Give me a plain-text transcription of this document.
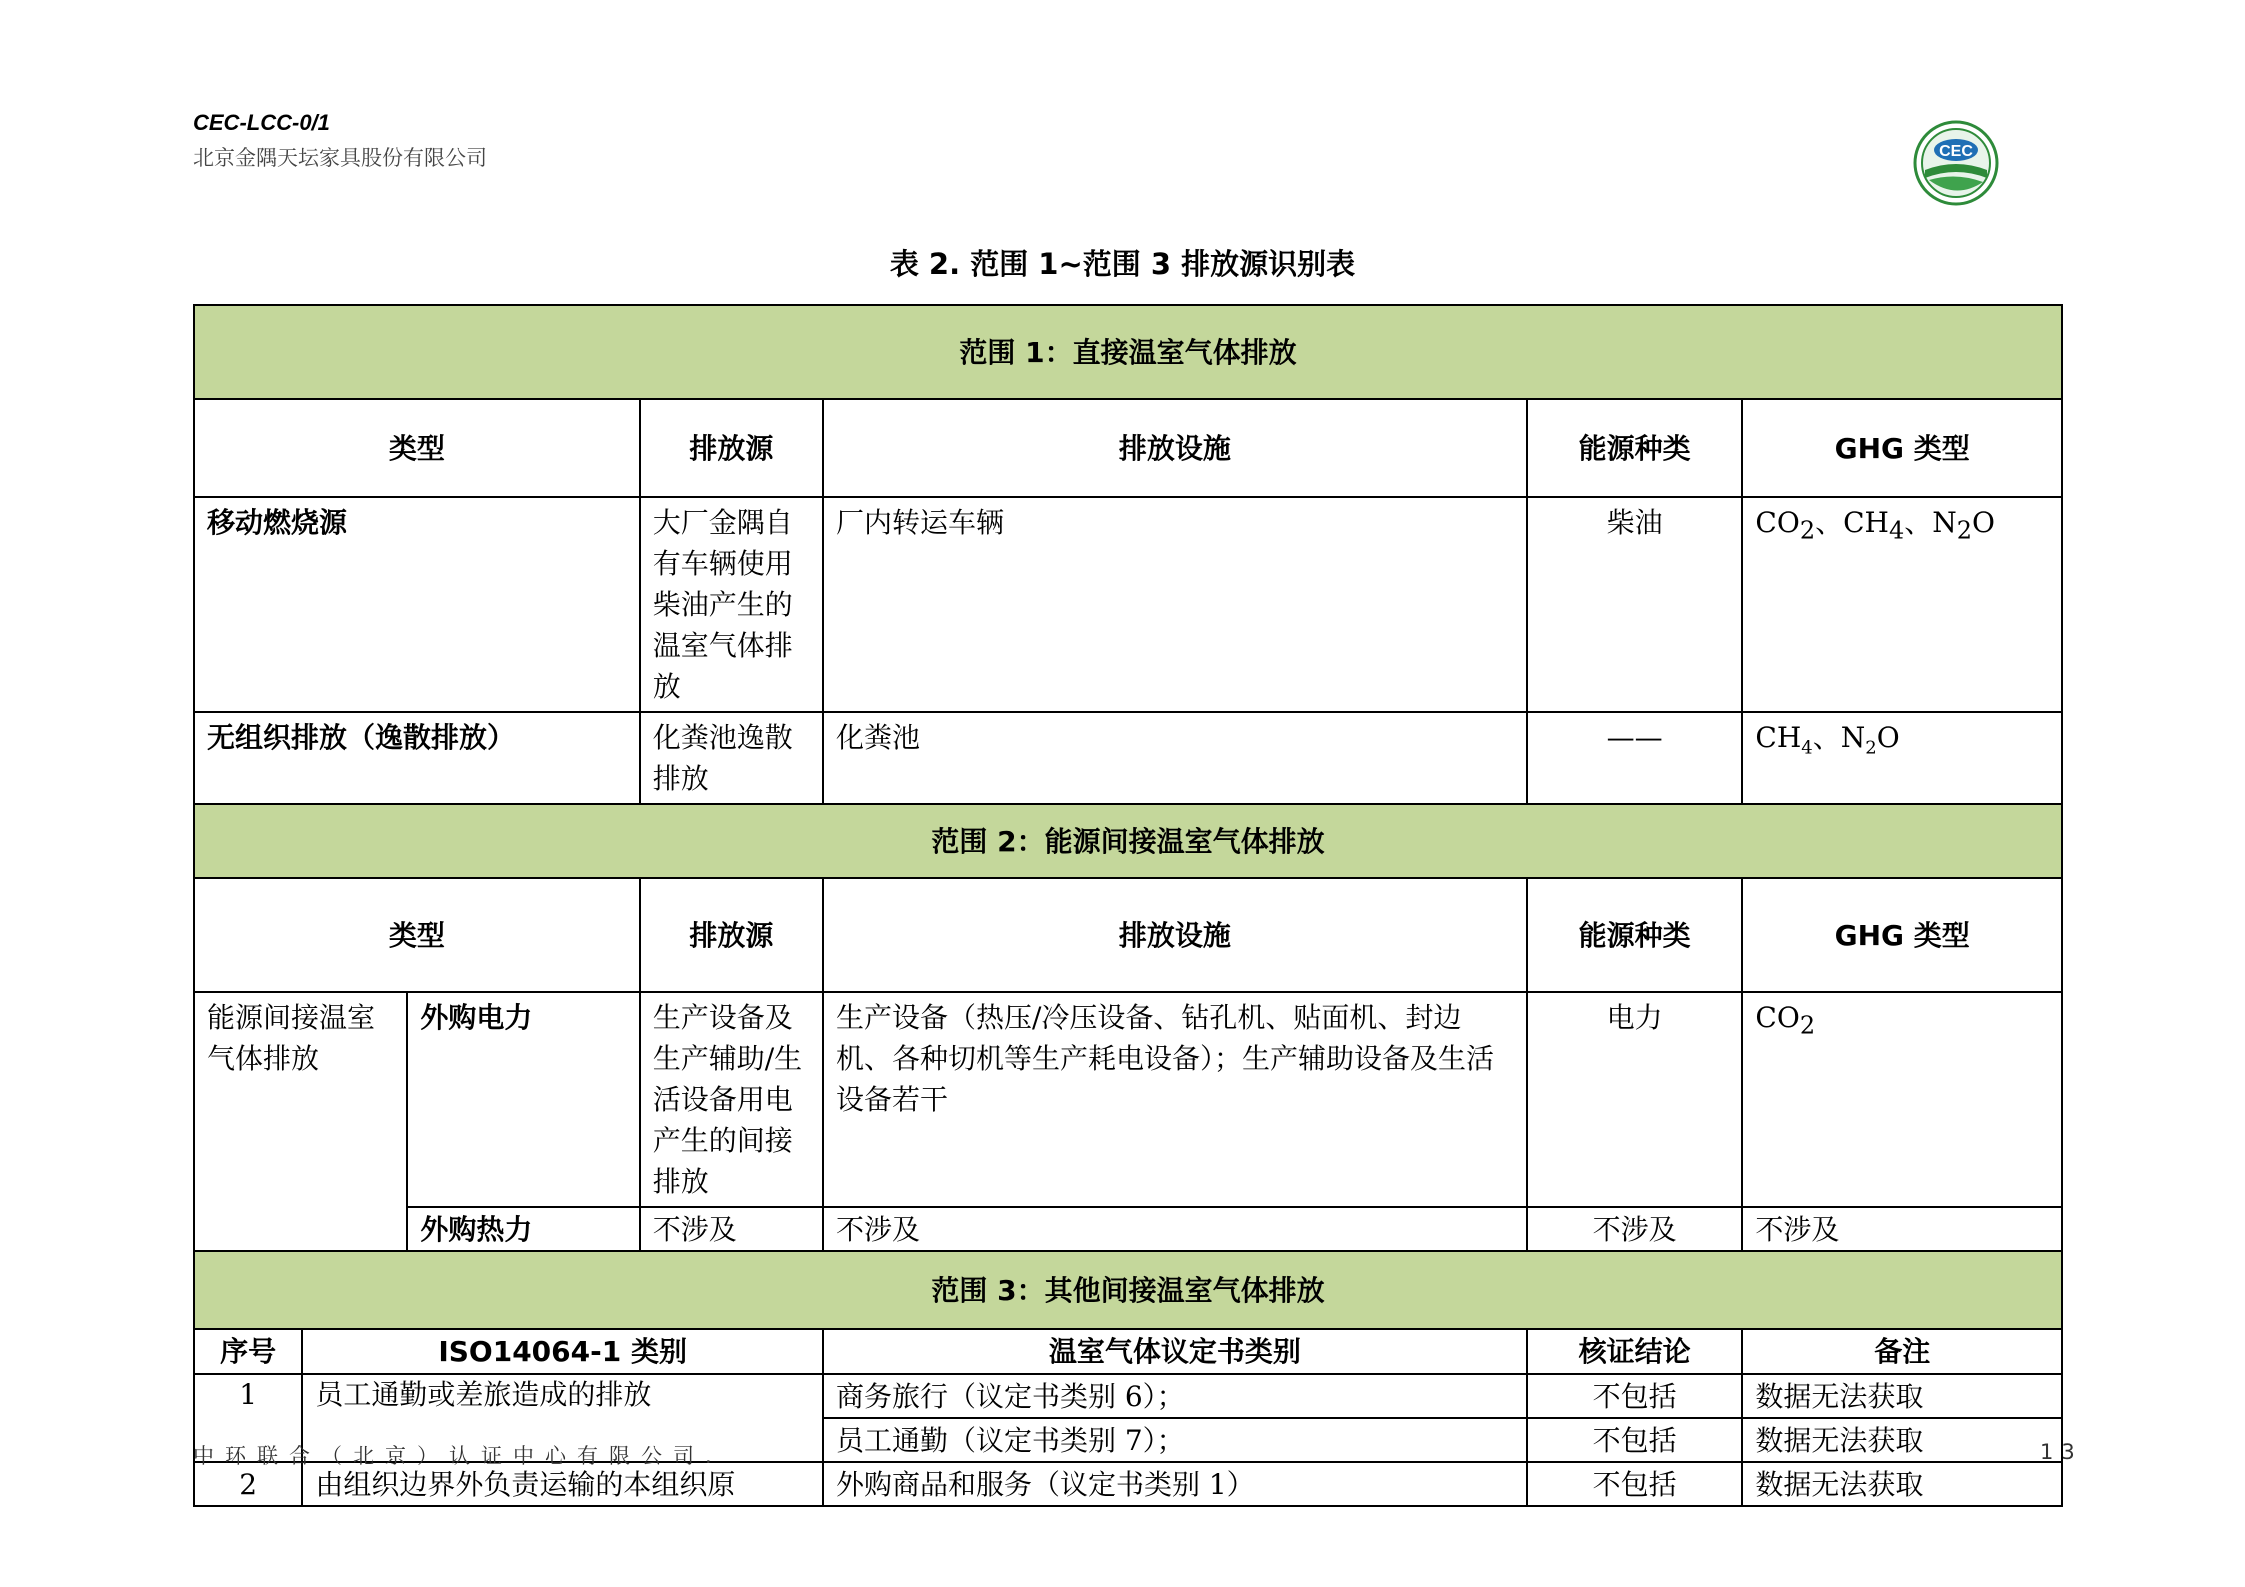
CEC-LCC-0/1
北京金隅天坛家具股份有限公司	CEC
表 2. 范围 1~范围 3 排放源识别表
范围 1：直接温室气体排放						
类型			排放源	排放设施	能源种类	GHG 类型
移动燃烧源			大厂金隅自有车辆使用柴油产生的温室气体排放	厂内转运车辆	柴油	$CO_2$、$CH_4$、$N_2O$
无组织排放（逸散排放）			化粪池逸散排放	化粪池	——	$CH_4$、$N_2O$
范围 2：能源间接温室气体排放						
类型			排放源	排放设施	能源种类	GHG 类型
能源间接温室气体排放		外购电力	生产设备及生产辅助/生活设备用电产生的间接排放	生产设备（热压/冷压设备、钻孔机、贴面机、封边机、各种切机等生产耗电设备）；生产辅助设备及生活设备若干	电力	$CO_2$
		外购热力	不涉及	不涉及	不涉及	不涉及
范围 3：其他间接温室气体排放						
序号	ISO14064-1 类别			温室气体议定书类别	核证结论	备注
1	员工通勤或差旅造成的排放			商务旅行（议定书类别 6）；	不包括	数据无法获取
				员工通勤（议定书类别 7）；	不包括	数据无法获取
2	由组织边界外负责运输的本组织原			外购商品和服务（议定书类别 1）	不包括	数据无法获取
中环联合（北京）认证中心有限公司.	13
